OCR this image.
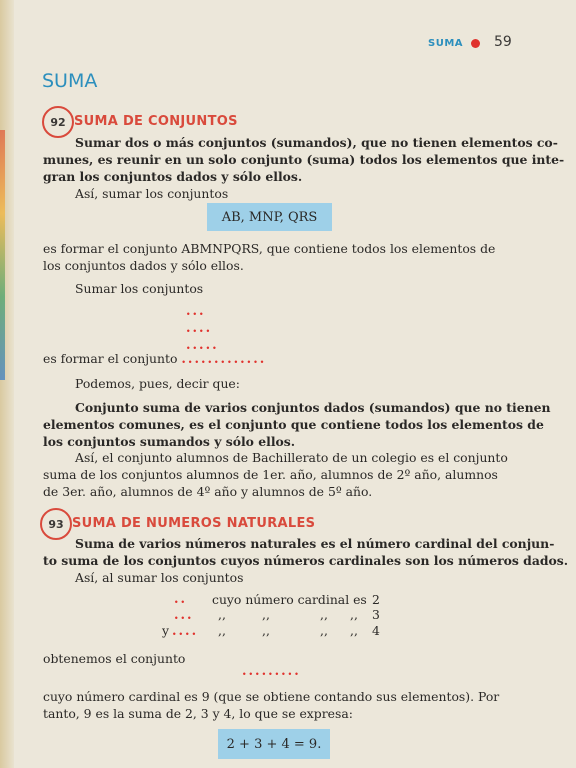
SUMA 59
SUMA
92 SUMA DE CONJUNTOS
Sumar dos o más conjuntos (sumandos), que no tienen elementos co-
munes, es reunir en un solo conjunto (suma) todos los elementos que inte-
gran los conjuntos dados y sólo ellos.
Así, sumar los conjuntos
AB, MNP, QRS
es formar el conjunto ABMNPQRS, que contiene todos los elementos de
los conjuntos dados y sólo ellos.
Sumar los conjuntos
...
....
.....
es formar el conjunto .............
Podemos, pues, decir que:
Conjunto suma de varios conjuntos dados (sumandos) que no tienen
elementos comunes, es el conjunto que contiene todos los elementos de
los conjuntos sumandos y sólo ellos.
Así, el conjunto alumnos de Bachillerato de un colegio es el conjunto
suma de los conjuntos alumnos de 1er. año, alumnos de 2º año, alumnos
de 3er. año, alumnos de 4º año y alumnos de 5º año.
93 SUMA DE NUMEROS NATURALES
Suma de varios números naturales es el número cardinal del conjun-
to suma de los conjuntos cuyos números cardinales son los números dados.
Así, al sumar los conjuntos
.. cuyo número cardinal es 2
... ,,	,,	,, ,, 3
y .... ,,	,,	,, ,, 4
obtenemos el conjunto
.........
cuyo número cardinal es 9 (que se obtiene contando sus elementos). Por
tanto, 9 es la suma de 2, 3 y 4, lo que se expresa:
2 + 3 + 4 = 9.
